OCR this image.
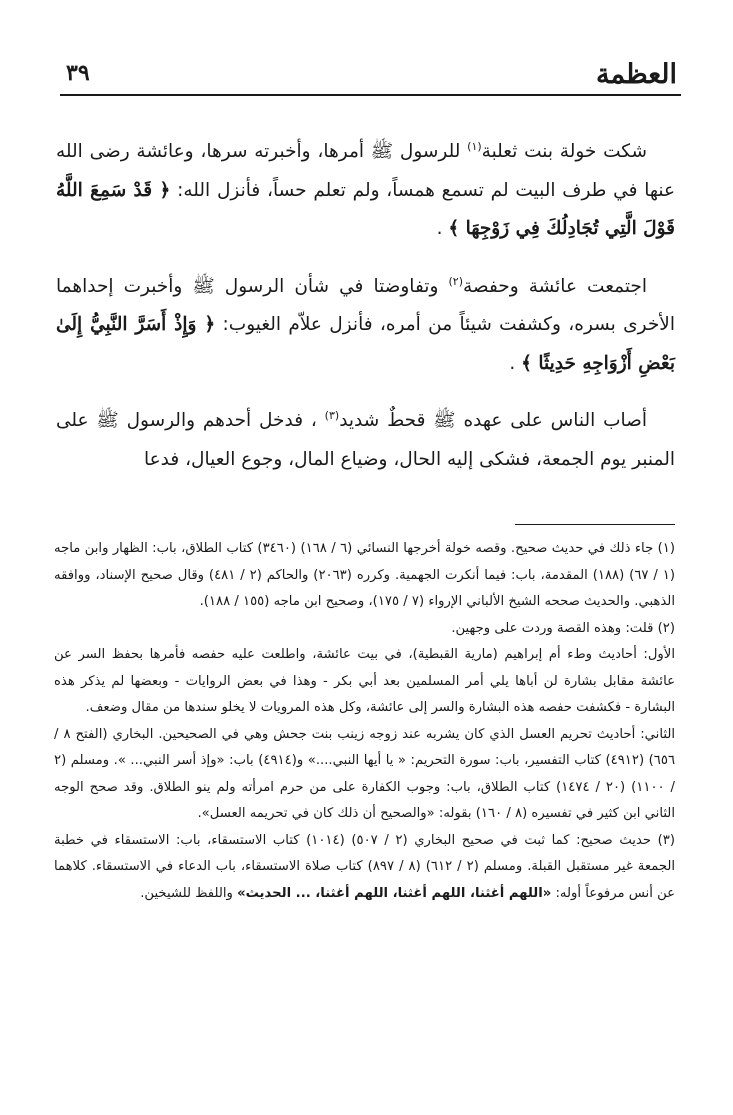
العظمة
٣٩

شكت خولة بنت ثعلبة$^{(١)}$ للرسول ﷺ أمرها، وأخبرته سرها، وعائشة رضى الله عنها في طرف البيت لم تسمع همساً، ولم تعلم حساً، فأنزل الله: ﴿ قَدْ سَمِعَ اللَّهُ قَوْلَ الَّتِي تُجَادِلُكَ فِي زَوْجِهَا ﴾ .

اجتمعت عائشة وحفصة$^{(٢)}$ وتفاوضتا في شأن الرسول ﷺ وأخبرت إحداهما الأخرى بسره، وكشفت شيئاً من أمره، فأنزل علاّم الغيوب: ﴿ وَإِذْ أَسَرَّ النَّبِيُّ إِلَىٰ بَعْضِ أَزْوَاجِهِ حَدِيثًا ﴾ .

أصاب الناس على عهده ﷺ قحطٌ شديد$^{(٣)}$ ، فدخل أحدهم والرسول ﷺ على المنبر يوم الجمعة، فشكى إليه الحال، وضياع المال، وجوع العيال، فدعا

(١) جاء ذلك في حديث صحيح. وقصه خولة أخرجها النسائي (٦ / ١٦٨) (٣٤٦٠) كتاب الطلاق، باب: الظهار وابن ماجه (١ / ٦٧) (١٨٨) المقدمة، باب: فيما أنكرت الجهمية. وكرره (٢٠٦٣) والحاكم (٢ / ٤٨١) وقال صحيح الإسناد، ووافقه الذهبي. والحديث صححه الشيخ الألباني الإرواء (٧ / ١٧٥)، وصحيح ابن ماجه (١٥٥ / ١٨٨).

(٢) قلت: وهذه القصة وردت على وجهين.

الأول: أحاديث وطء أم إبراهيم (مارية القبطية)، في بيت عائشة، واطلعت عليه حفصه فأمرها بحفظ السر عن عائشة مقابل بشارة لن أباها يلي أمر المسلمين بعد أبي بكر - وهذا في بعض الروايات - وبعضها لم يذكر هذه البشارة - فكشفت حفصه هذه البشارة والسر إلى عائشة، وكل هذه المرويات لا يخلو سندها من مقال وضعف.

الثاني: أحاديث تحريم العسل الذي كان يشربه عند زوجه زينب بنت جحش وهي في الصحيحين. البخاري (الفتح ٨ / ٦٥٦) (٤٩١٢) كتاب التفسير، باب: سورة التحريم: « يا أيها النبي....» و(٤٩١٤) باب: «وإذ أسر النبي... ». ومسلم (٢ / ١١٠٠) (٢٠ / ١٤٧٤) كتاب الطلاق، باب: وجوب الكفارة على من حرم امرأته ولم ينو الطلاق. وقد صحح الوجه الثاني ابن كثير في تفسيره (٨ / ١٦٠) بقوله: «والصحيح أن ذلك كان في تحريمه العسل».

(٣) حديث صحيح: كما ثبت في صحيح البخاري (٢ / ٥٠٧) (١٠١٤) كتاب الاستسقاء، باب: الاستسقاء في خطبة الجمعة غير مستقبل القبلة. ومسلم (٢ / ٦١٢) (٨ / ٨٩٧) كتاب صلاة الاستسقاء، باب الدعاء في الاستسقاء. كلاهما عن أنس مرفوعاً أوله: «اللهم أغثنا، اللهم أغثنا، اللهم أغثنا، ... الحديث» واللفظ للشيخين.
